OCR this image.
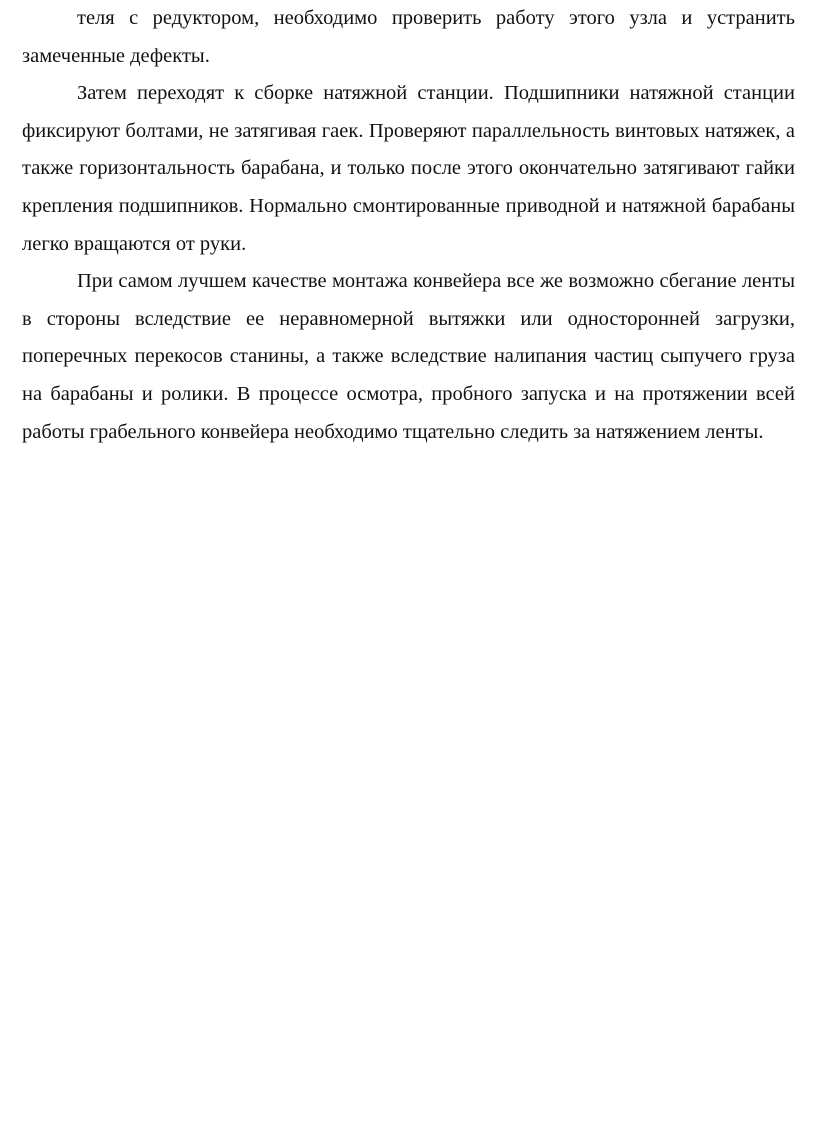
теля с редуктором, необходимо проверить работу этого узла и устранить замеченные дефекты.

Затем переходят к сборке натяжной станции. Подшипники натяжной станции фиксируют болтами, не затягивая гаек. Проверяют параллельность винтовых натяжек, а также горизонтальность барабана, и только после этого окончательно затягивают гайки крепления подшипников. Нормально смонтированные приводной и натяжной барабаны легко вращаются от руки.

При самом лучшем качестве монтажа конвейера все же возможно сбегание ленты в стороны вследствие ее неравномерной вытяжки или односторонней загрузки, поперечных перекосов станины, а также вследствие налипания частиц сыпучего груза на барабаны и ролики. В процессе осмотра, пробного запуска и на протяжении всей работы грабельного конвейера необходимо тщательно следить за натяжением ленты.
